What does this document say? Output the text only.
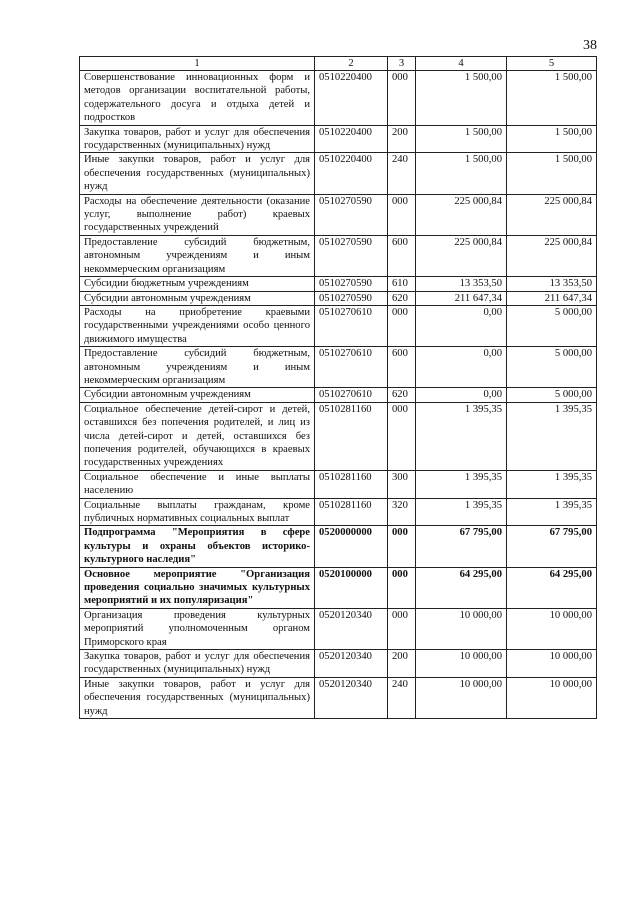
38
1	2	3	4	5
Совершенствование инновационных форм и методов организации воспитательной работы, содержательного досуга и отдыха детей и подростков	0510220400	000	1 500,00	1 500,00
Закупка товаров, работ и услуг для обеспечения государственных (муниципальных) нужд	0510220400	200	1 500,00	1 500,00
Иные закупки товаров, работ и услуг для обеспечения государственных (муниципальных) нужд	0510220400	240	1 500,00	1 500,00
Расходы на обеспечение деятельности (оказание услуг, выполнение работ) краевых государственных учреждений	0510270590	000	225 000,84	225 000,84
Предоставление субсидий бюджетным, автономным учреждениям и иным некоммерческим организациям	0510270590	600	225 000,84	225 000,84
Субсидии бюджетным учреждениям	0510270590	610	13 353,50	13 353,50
Субсидии автономным учреждениям	0510270590	620	211 647,34	211 647,34
Расходы на приобретение краевыми государственными учреждениями особо ценного движимого имущества	0510270610	000	0,00	5 000,00
Предоставление субсидий бюджетным, автономным учреждениям и иным некоммерческим организациям	0510270610	600	0,00	5 000,00
Субсидии автономным учреждениям	0510270610	620	0,00	5 000,00
Социальное обеспечение детей-сирот и детей, оставшихся без попечения родителей, и лиц из числа детей-сирот и детей, оставшихся без попечения родителей, обучающихся в краевых государственных учреждениях	0510281160	000	1 395,35	1 395,35
Социальное обеспечение и иные выплаты населению	0510281160	300	1 395,35	1 395,35
Социальные выплаты гражданам, кроме публичных нормативных социальных выплат	0510281160	320	1 395,35	1 395,35
Подпрограмма "Мероприятия в сфере культуры и охраны объектов историко-культурного наследия"	0520000000	000	67 795,00	67 795,00
Основное мероприятие "Организация проведения социально значимых культурных мероприятий и их популяризация"	0520100000	000	64 295,00	64 295,00
Организация проведения культурных мероприятий уполномоченным органом Приморского края	0520120340	000	10 000,00	10 000,00
Закупка товаров, работ и услуг для обеспечения государственных (муниципальных) нужд	0520120340	200	10 000,00	10 000,00
Иные закупки товаров, работ и услуг для обеспечения государственных (муниципальных) нужд	0520120340	240	10 000,00	10 000,00
